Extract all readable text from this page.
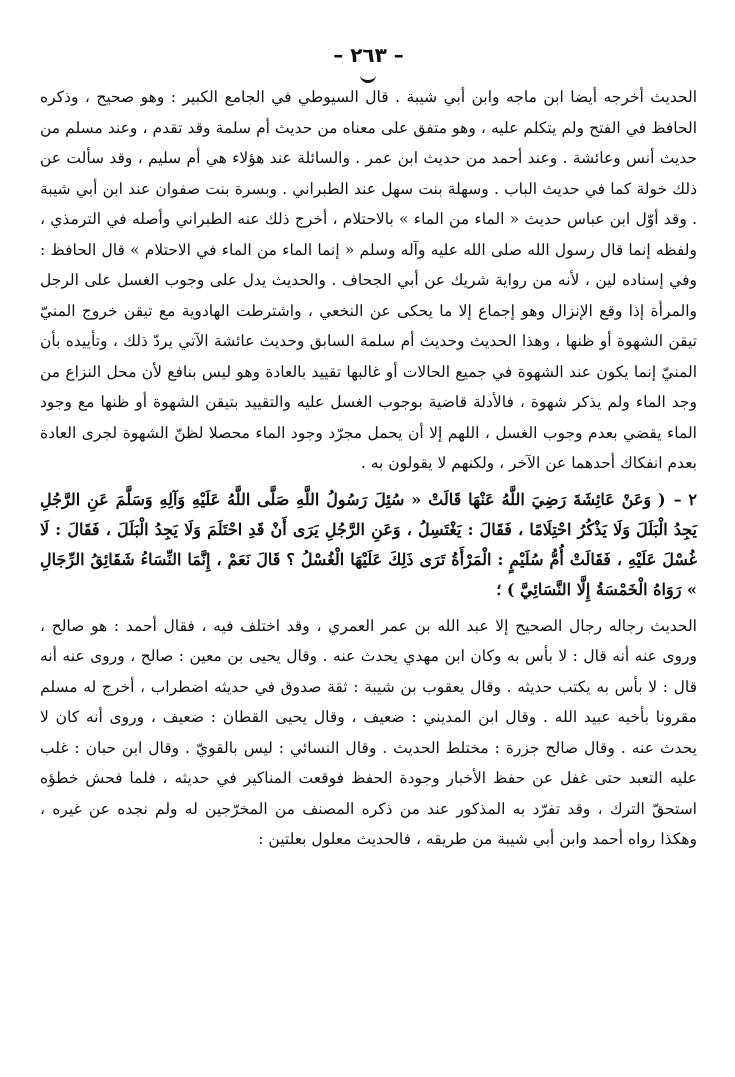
– ٢٦٣ –

الحديث أخرجه أيضا ابن ماجه وابن أبي شيبة . قال السيوطي في الجامع الكبير : وهو صحيح ، وذكره الحافظ في الفتح ولم يتكلم عليه ، وهو متفق على معناه من حديث أم سلمة وقد تقدم ، وعند مسلم من حديث أنس وعائشة . وعند أحمد من حديث ابن عمر . والسائلة عند هؤلاء هي أم سليم ، وقد سألت عن ذلك خولة كما في حديث الباب . وسهلة بنت سهل عند الطبراني . وبسرة بنت صفوان عند ابن أبي شيبة . وقد أوّل ابن عباس حديث « الماء من الماء » بالاحتلام ، أخرج ذلك عنه الطبراني وأصله في الترمذي ، ولفظه إنما قال رسول الله صلى الله عليه وآله وسلم « إنما الماء من الماء في الاحتلام » قال الحافظ : وفي إسناده لين ، لأنه من رواية شريك عن أبي الجحاف . والحديث يدل على وجوب الغسل على الرجل والمرأة إذا وقع الإنزال وهو إجماع إلا ما يحكى عن النخعي ، واشترطت الهادوية مع تيقن خروج المنيّ تيقن الشهوة أو ظنها ، وهذا الحديث وحديث أم سلمة السابق وحديث عائشة الآتي يردّ ذلك ، وتأييده بأن المنيّ إنما يكون عند الشهوة في جميع الحالات أو غالبها تقييد بالعادة وهو ليس بنافع لأن محل النزاع من وجد الماء ولم يذكر شهوة ، فالأدلة قاضية بوجوب الغسل عليه والتقييد بتيقن الشهوة أو ظنها مع وجود الماء يقضي بعدم وجوب الغسل ، اللهم إلا أن يحمل مجرّد وجود الماء محصلا لظنّ الشهوة لجرى العادة بعدم انفكاك أحدهما عن الآخر ، ولكنهم لا يقولون به .

٢ –( وَعَنْ عَائِشَةَ رَضِيَ اللَّهُ عَنْهَا قَالَتْ « سُئِلَ رَسُولُ اللَّهِ صَلَّى اللَّهُ عَلَيْهِ وَآلِهِ وَسَلَّمَ عَنِ الرَّجُلِ يَجِدُ الْبَلَلَ وَلَا يَذْكُرُ احْتِلَامًا ، فَقَالَ : يَغْتَسِلُ ، وَعَنِ الرَّجُلِ يَرَى أَنْ قَدِ احْتَلَمَ وَلَا يَجِدُ الْبَلَلَ ، فَقَالَ : لَا غُسْلَ عَلَيْهِ ، فَقَالَتْ أُمُّ سُلَيْمٍ : الْمَرْأَةُ تَرَى ذَلِكَ عَلَيْهَا الْغُسْلُ ؟ قَالَ نَعَمْ ، إِنَّمَا النِّسَاءُ شَقَائِقُ الرِّجَالِ » رَوَاهُ الْخَمْسَةُ إِلَّا النَّسَائِيَّ ) ؛

الحديث رجاله رجال الصحيح إلا عبد الله بن عمر العمري ، وقد اختلف فيه ، فقال أحمد : هو صالح ، وروى عنه أنه قال : لا بأس به وكان ابن مهدي يحدث عنه . وقال يحيى بن معين : صالح ، وروى عنه أنه قال : لا بأس به يكتب حديثه . وقال يعقوب بن شيبة : ثقة صدوق في حديثه اضطراب ، أخرج له مسلم مقرونا بأخيه عبيد الله . وقال ابن المديني : ضعيف ، وقال يحيى القطان : ضعيف ، وروى أنه كان لا يحدث عنه . وقال صالح جزرة : مختلط الحديث . وقال النسائي : ليس بالقويّ . وقال ابن حبان : غلب عليه التعبد حتى غفل عن حفظ الأخبار وجودة الحفظ فوقعت المناكير في حديثه ، فلما فحش خطؤه استحقّ الترك ، وقد تفرّد به المذكور عند من ذكره المصنف من المخرّجين له ولم نجده عن غيره ، وهكذا رواه أحمد وابن أبي شيبة من طريقه ، فالحديث معلول بعلتين :
